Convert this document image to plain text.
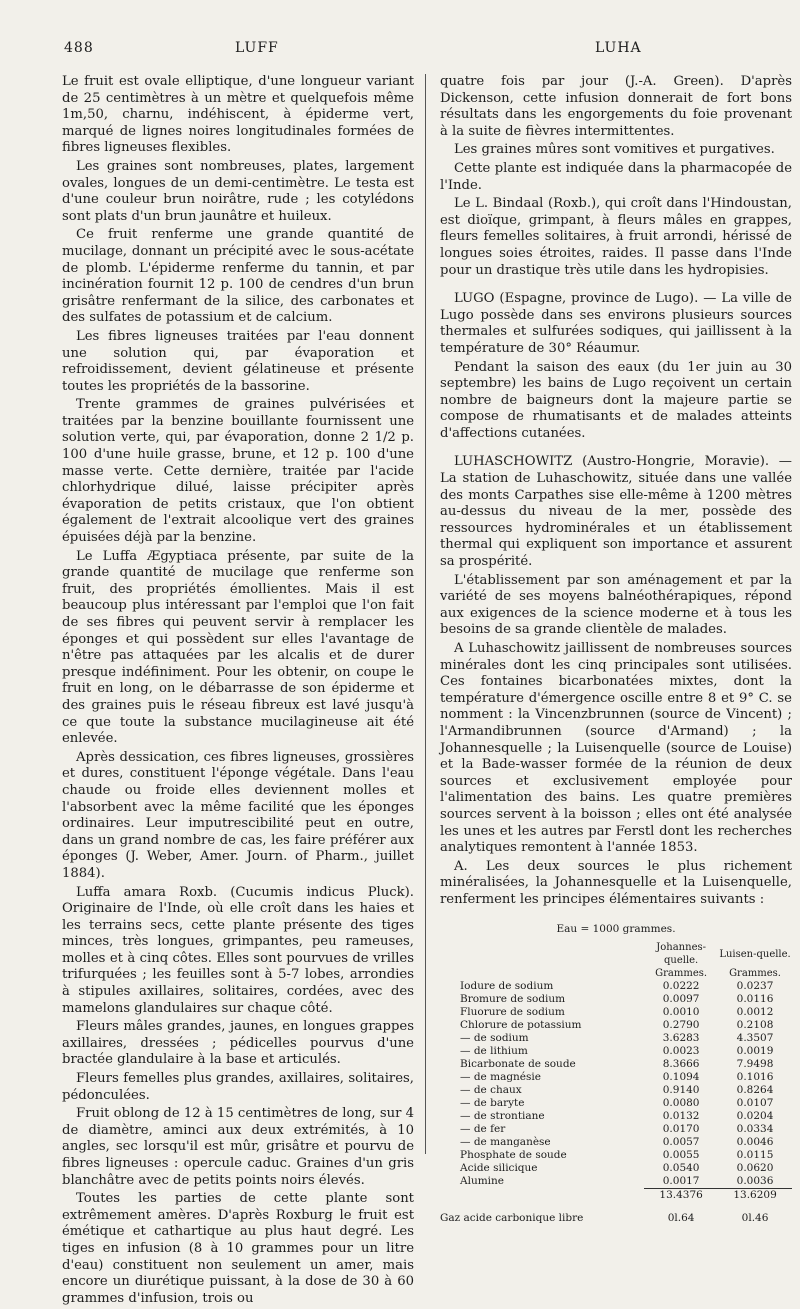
488	LUFF	LUHA

Le fruit est ovale elliptique, d'une longueur variant de 25 centimètres à un mètre et quelquefois même 1m,50, charnu, indéhiscent, à épiderme vert, marqué de lignes noires longitudinales formées de fibres ligneuses flexibles.

Les graines sont nombreuses, plates, largement ovales, longues de un demi-centimètre. Le testa est d'une couleur brun noirâtre, rude ; les cotylédons sont plats d'un brun jaunâtre et huileux.

Ce fruit renferme une grande quantité de mucilage, donnant un précipité avec le sous-acétate de plomb. L'épiderme renferme du tannin, et par incinération fournit 12 p. 100 de cendres d'un brun grisâtre renfermant de la silice, des carbonates et des sulfates de potassium et de calcium.

Les fibres ligneuses traitées par l'eau donnent une solution qui, par évaporation et refroidissement, devient gélatineuse et présente toutes les propriétés de la bassorine.

Trente grammes de graines pulvérisées et traitées par la benzine bouillante fournissent une solution verte, qui, par évaporation, donne 2 1/2 p. 100 d'une huile grasse, brune, et 12 p. 100 d'une masse verte. Cette dernière, traitée par l'acide chlorhydrique dilué, laisse précipiter après évaporation de petits cristaux, que l'on obtient également de l'extrait alcoolique vert des graines épuisées déjà par la benzine.

Le Luffa Ægyptiaca présente, par suite de la grande quantité de mucilage que renferme son fruit, des propriétés émollientes. Mais il est beaucoup plus intéressant par l'emploi que l'on fait de ses fibres qui peuvent servir à remplacer les éponges et qui possèdent sur elles l'avantage de n'être pas attaquées par les alcalis et de durer presque indéfiniment. Pour les obtenir, on coupe le fruit en long, on le débarrasse de son épiderme et des graines puis le réseau fibreux est lavé jusqu'à ce que toute la substance mucilagineuse ait été enlevée.

Après dessication, ces fibres ligneuses, grossières et dures, constituent l'éponge végétale. Dans l'eau chaude ou froide elles deviennent molles et l'absorbent avec la même facilité que les éponges ordinaires. Leur imputrescibilité peut en outre, dans un grand nombre de cas, les faire préférer aux éponges (J. Weber, Amer. Journ. of Pharm., juillet 1884).

Luffa amara Roxb. (Cucumis indicus Pluck). Originaire de l'Inde, où elle croît dans les haies et les terrains secs, cette plante présente des tiges minces, très longues, grimpantes, peu rameuses, molles et à cinq côtes. Elles sont pourvues de vrilles trifurquées ; les feuilles sont à 5-7 lobes, arrondies à stipules axillaires, solitaires, cordées, avec des mamelons glandulaires sur chaque côté.

Fleurs mâles grandes, jaunes, en longues grappes axillaires, dressées ; pédicelles pourvus d'une bractée glandulaire à la base et articulés.

Fleurs femelles plus grandes, axillaires, solitaires, pédonculées.

Fruit oblong de 12 à 15 centimètres de long, sur 4 de diamètre, aminci aux deux extrémités, à 10 angles, sec lorsqu'il est mûr, grisâtre et pourvu de fibres ligneuses : opercule caduc. Graines d'un gris blanchâtre avec de petits points noirs élevés.

Toutes les parties de cette plante sont extrêmement amères. D'après Roxburg le fruit est émétique et cathartique au plus haut degré. Les tiges en infusion (8 à 10 grammes pour un litre d'eau) constituent non seulement un amer, mais encore un diurétique puissant, à la dose de 30 à 60 grammes d'infusion, trois ou

quatre fois par jour (J.-A. Green). D'après Dickenson, cette infusion donnerait de fort bons résultats dans les engorgements du foie provenant à la suite de fièvres intermittentes.

Les graines mûres sont vomitives et purgatives.

Cette plante est indiquée dans la pharmacopée de l'Inde.

Le L. Bindaal (Roxb.), qui croît dans l'Hindoustan, est dioïque, grimpant, à fleurs mâles en grappes, fleurs femelles solitaires, à fruit arrondi, hérissé de longues soies étroites, raides. Il passe dans l'Inde pour un drastique très utile dans les hydropisies.

LUGO (Espagne, province de Lugo). — La ville de Lugo possède dans ses environs plusieurs sources thermales et sulfurées sodiques, qui jaillissent à la température de 30° Réaumur.

Pendant la saison des eaux (du 1er juin au 30 septembre) les bains de Lugo reçoivent un certain nombre de baigneurs dont la majeure partie se compose de rhumatisants et de malades atteints d'affections cutanées.

LUHASCHOWITZ (Austro-Hongrie, Moravie). — La station de Luhaschowitz, située dans une vallée des monts Carpathes sise elle-même à 1200 mètres au-dessus du niveau de la mer, possède des ressources hydrominérales et un établissement thermal qui expliquent son importance et assurent sa prospérité.

L'établissement par son aménagement et par la variété de ses moyens balnéothérapiques, répond aux exigences de la science moderne et à tous les besoins de sa grande clientèle de malades.

A Luhaschowitz jaillissent de nombreuses sources minérales dont les cinq principales sont utilisées. Ces fontaines bicarbonatées mixtes, dont la température d'émergence oscille entre 8 et 9° C. se nomment : la Vincenzbrunnen (source de Vincent) ; l'Armandibrunnen (source d'Armand) ; la Johannesquelle ; la Luisenquelle (source de Louise) et la Bade-wasser formée de la réunion de deux sources et exclusivement employée pour l'alimentation des bains. Les quatre premières sources servent à la boisson ; elles ont été analysée les unes et les autres par Ferstl dont les recherches analytiques remontent à l'année 1853.

A. Les deux sources le plus richement minéralisées, la Johannesquelle et la Luisenquelle, renferment les principes élémentaires suivants :

Eau = 1000 grammes.
	Johannes-quelle.	Luisen-quelle.
	Grammes.	Grammes.
Iodure de sodium	0.0222	0.0237
Bromure de sodium	0.0097	0.0116
Fluorure de sodium	0.0010	0.0012
Chlorure de potassium	0.2790	0.2108
— de sodium	3.6283	4.3507
— de lithium	0.0023	0.0019
Bicarbonate de soude	8.3666	7.9498
— de magnésie	0.1094	0.1016
— de chaux	0.9140	0.8264
— de baryte	0.0080	0.0107
— de strontiane	0.0132	0.0204
— de fer	0.0170	0.0334
— de manganèse	0.0057	0.0046
Phosphate de soude	0.0055	0.0115
Acide silicique	0.0540	0.0620
Alumine	0.0017	0.0036
	13.4376	13.6209
Gaz acide carbonique libre	0l.64	0l.46
